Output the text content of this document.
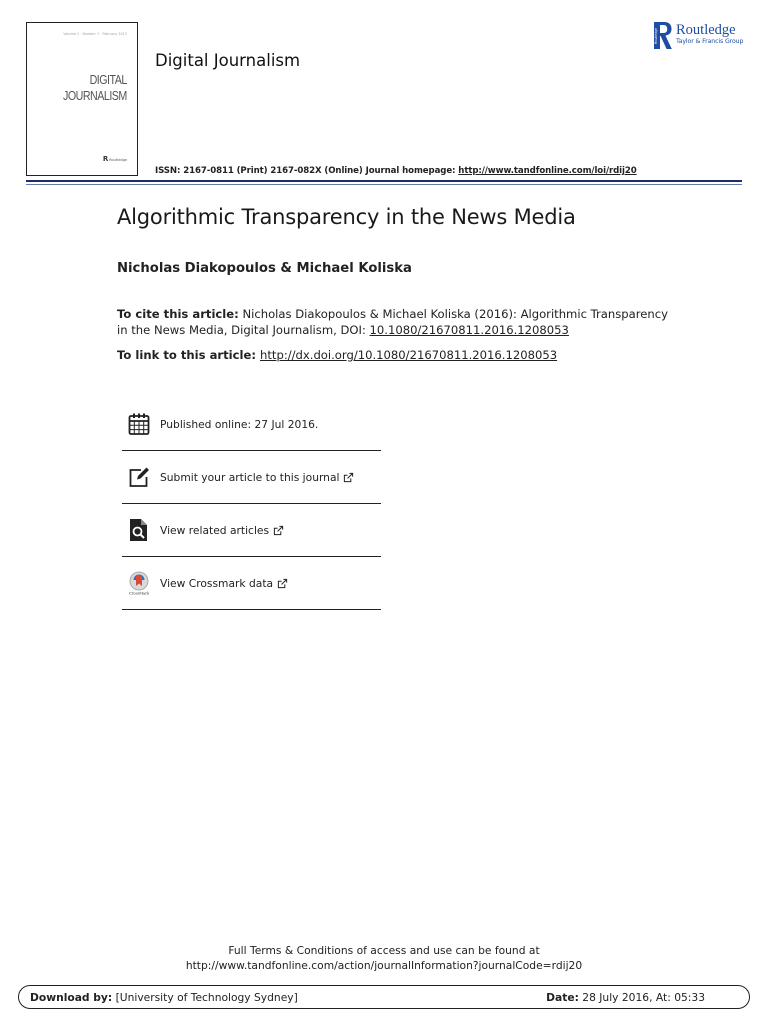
Volume 1 · Number 1 · February 2013
DIGITAL
JOURNALISM
R Routledge
Digital Journalism
Routledge Routledge
Taylor & Francis Group
ISSN: 2167-0811 (Print) 2167-082X (Online) Journal homepage: http://www.tandfonline.com/loi/rdij20
Algorithmic Transparency in the News Media
Nicholas Diakopoulos & Michael Koliska
To cite this article: Nicholas Diakopoulos & Michael Koliska (2016): Algorithmic Transparency in the News Media, Digital Journalism, DOI: 10.1080/21670811.2016.1208053
To link to this article: http://dx.doi.org/10.1080/21670811.2016.1208053
Published online: 27 Jul 2016.
Submit your article to this journal
View related articles
CrossMark
View Crossmark data
Full Terms & Conditions of access and use can be found at
http://www.tandfonline.com/action/journalInformation?journalCode=rdij20
Download by: [University of Technology Sydney]	Date: 28 July 2016, At: 05:33
